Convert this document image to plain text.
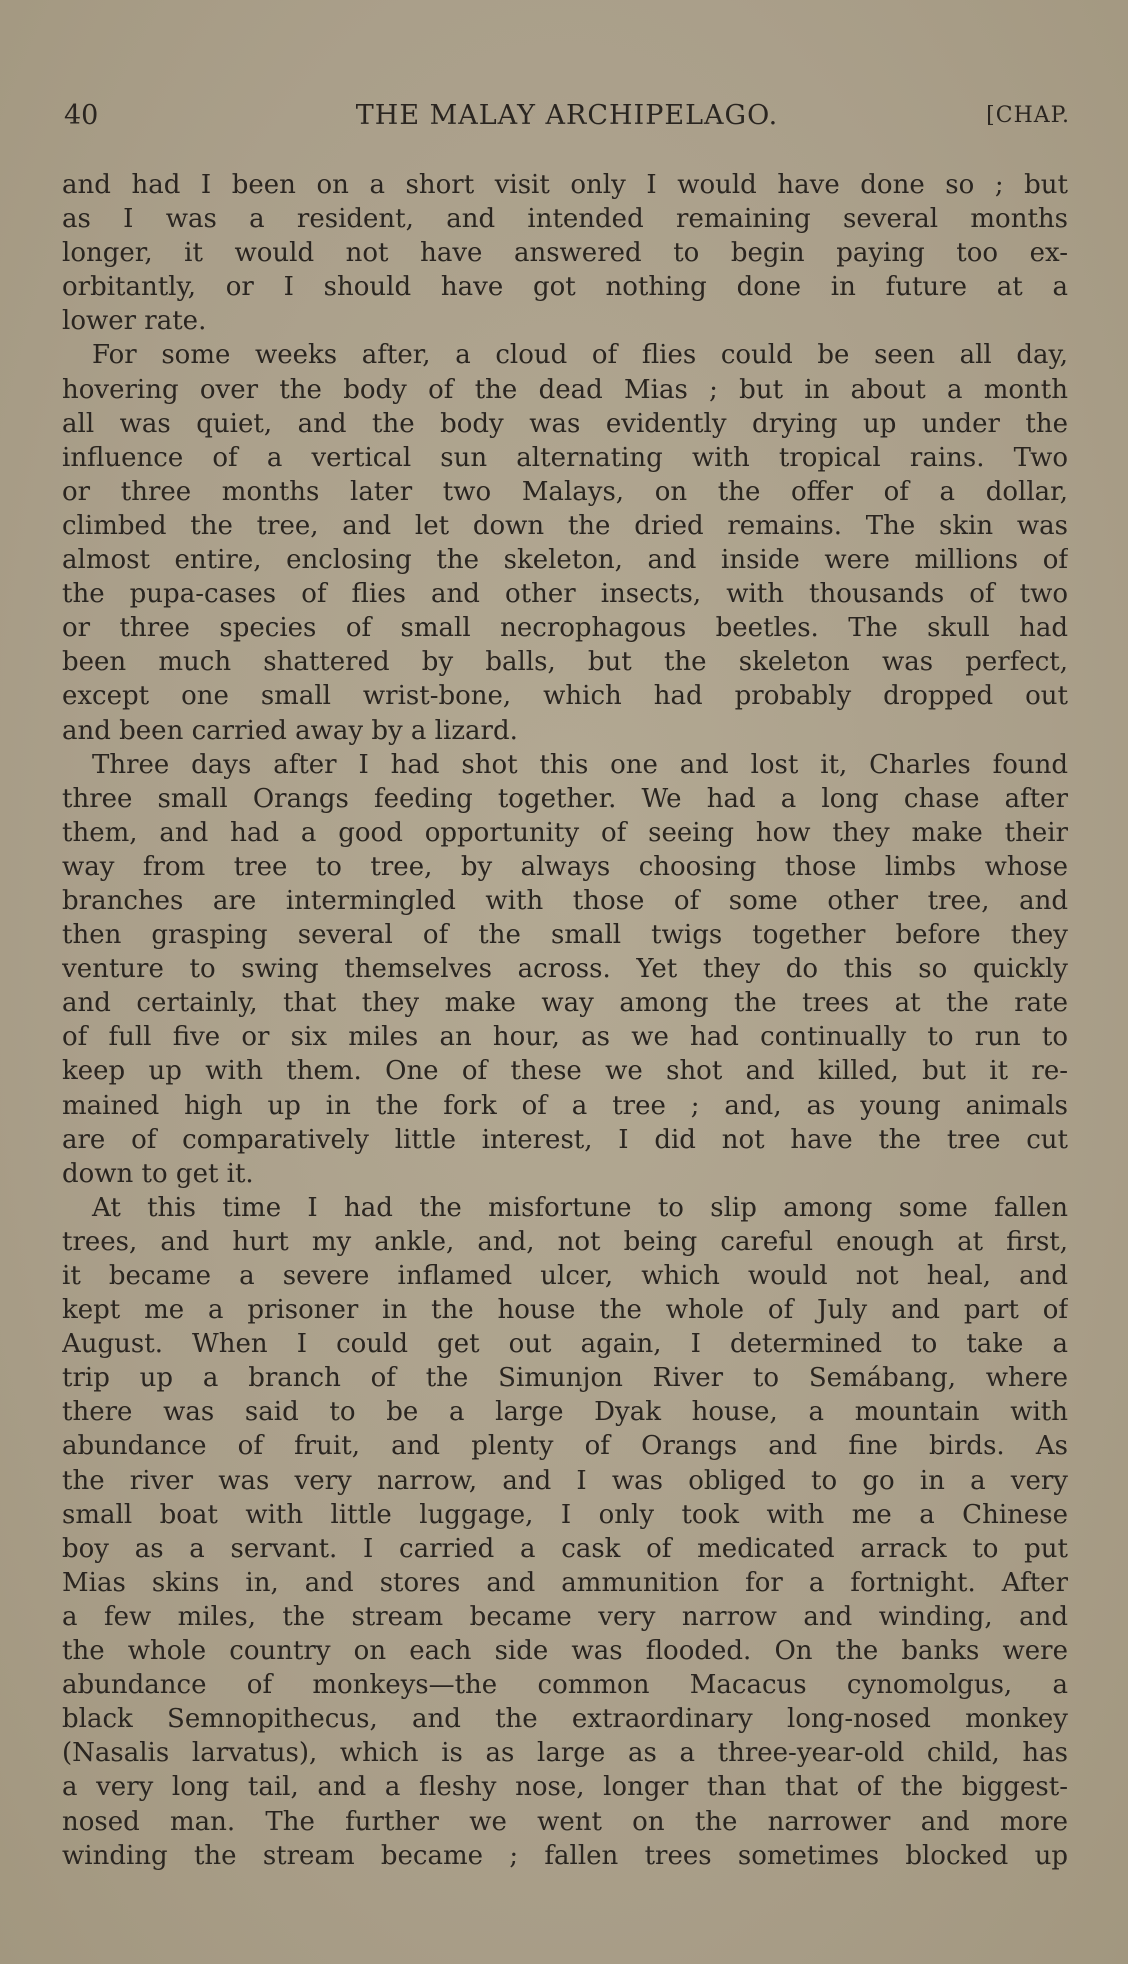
40	THE MALAY ARCHIPELAGO.	[CHAP.
and had I been on a short visit only I would have done so ; but
as I was a resident, and intended remaining several months
longer, it would not have answered to begin paying too ex-
orbitantly, or I should have got nothing done in future at a
lower rate.
For some weeks after, a cloud of flies could be seen all day,
hovering over the body of the dead Mias ; but in about a month
all was quiet, and the body was evidently drying up under the
influence of a vertical sun alternating with tropical rains. Two
or three months later two Malays, on the offer of a dollar,
climbed the tree, and let down the dried remains. The skin was
almost entire, enclosing the skeleton, and inside were millions of
the pupa-cases of flies and other insects, with thousands of two
or three species of small necrophagous beetles. The skull had
been much shattered by balls, but the skeleton was perfect,
except one small wrist-bone, which had probably dropped out
and been carried away by a lizard.
Three days after I had shot this one and lost it, Charles found
three small Orangs feeding together. We had a long chase after
them, and had a good opportunity of seeing how they make their
way from tree to tree, by always choosing those limbs whose
branches are intermingled with those of some other tree, and
then grasping several of the small twigs together before they
venture to swing themselves across. Yet they do this so quickly
and certainly, that they make way among the trees at the rate
of full five or six miles an hour, as we had continually to run to
keep up with them. One of these we shot and killed, but it re-
mained high up in the fork of a tree ; and, as young animals
are of comparatively little interest, I did not have the tree cut
down to get it.
At this time I had the misfortune to slip among some fallen
trees, and hurt my ankle, and, not being careful enough at first,
it became a severe inflamed ulcer, which would not heal, and
kept me a prisoner in the house the whole of July and part of
August. When I could get out again, I determined to take a
trip up a branch of the Simunjon River to Semábang, where
there was said to be a large Dyak house, a mountain with
abundance of fruit, and plenty of Orangs and fine birds. As
the river was very narrow, and I was obliged to go in a very
small boat with little luggage, I only took with me a Chinese
boy as a servant. I carried a cask of medicated arrack to put
Mias skins in, and stores and ammunition for a fortnight. After
a few miles, the stream became very narrow and winding, and
the whole country on each side was flooded. On the banks were
abundance of monkeys—the common Macacus cynomolgus, a
black Semnopithecus, and the extraordinary long-nosed monkey
(Nasalis larvatus), which is as large as a three-year-old child, has
a very long tail, and a fleshy nose, longer than that of the biggest-
nosed man. The further we went on the narrower and more
winding the stream became ; fallen trees sometimes blocked up
